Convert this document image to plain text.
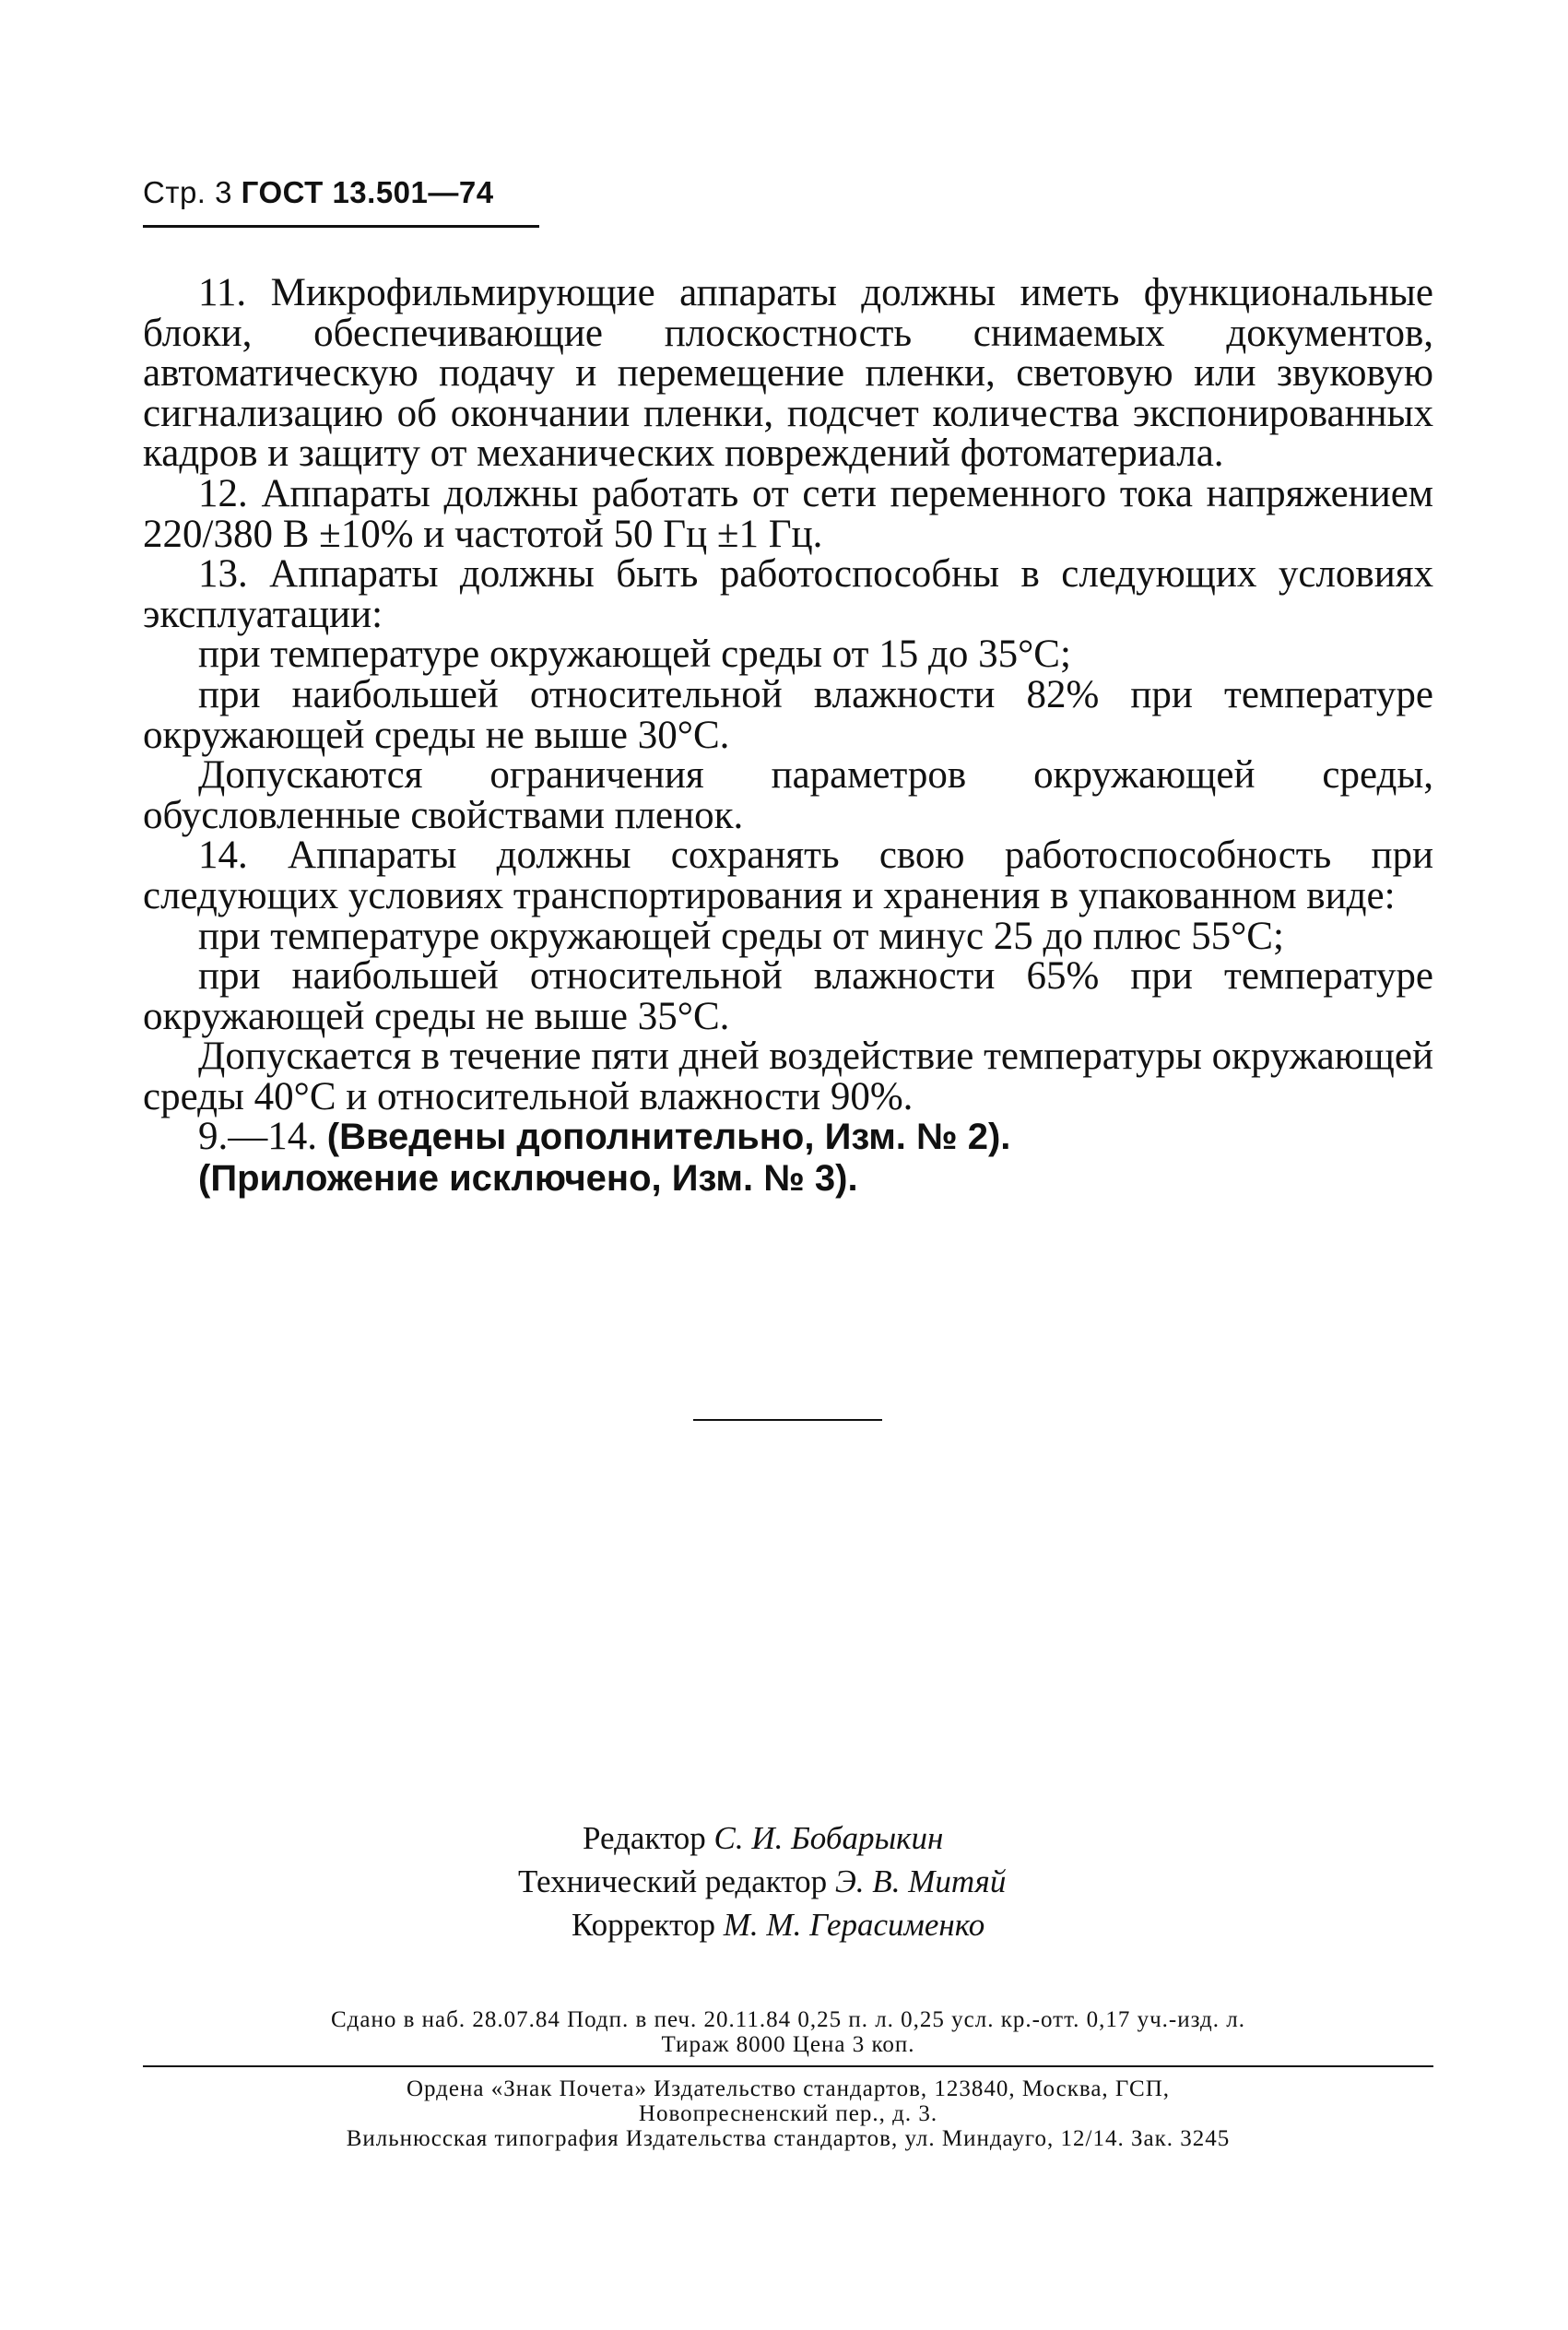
Стр. 3 ГОСТ 13.501—74

11. Микрофильмирующие аппараты должны иметь функциональные блоки, обеспечивающие плоскостность снимаемых документов, автоматическую подачу и перемещение пленки, световую или звуковую сигнализацию об окончании пленки, подсчет количества экспонированных кадров и защиту от механических повреждений фотоматериала.

12. Аппараты должны работать от сети переменного тока напряжением 220/380 В ±10% и частотой 50 Гц ±1 Гц.

13. Аппараты должны быть работоспособны в следующих условиях эксплуатации:

при температуре окружающей среды от 15 до 35°С;

при наибольшей относительной влажности 82% при температуре окружающей среды не выше 30°С.

Допускаются ограничения параметров окружающей среды, обусловленные свойствами пленок.

14. Аппараты должны сохранять свою работоспособность при следующих условиях транспортирования и хранения в упакованном виде:

при температуре окружающей среды от минус 25 до плюс 55°С;

при наибольшей относительной влажности 65% при температуре окружающей среды не выше 35°С.

Допускается в течение пяти дней воздействие температуры окружающей среды 40°С и относительной влажности 90%.

9.—14. (Введены дополнительно, Изм. № 2).

(Приложение исключено, Изм. № 3).

Редактор С. И. Бобарыкин
Технический редактор Э. В. Митяй
Корректор М. М. Герасименко
Сдано в наб. 28.07.84 Подп. в печ. 20.11.84 0,25 п. л. 0,25 усл. кр.-отт. 0,17 уч.-изд. л.
Тираж 8000 Цена 3 коп.
Ордена «Знак Почета» Издательство стандартов, 123840, Москва, ГСП,
Новопресненский пер., д. 3.
Вильнюсская типография Издательства стандартов, ул. Миндауго, 12/14. Зак. 3245
